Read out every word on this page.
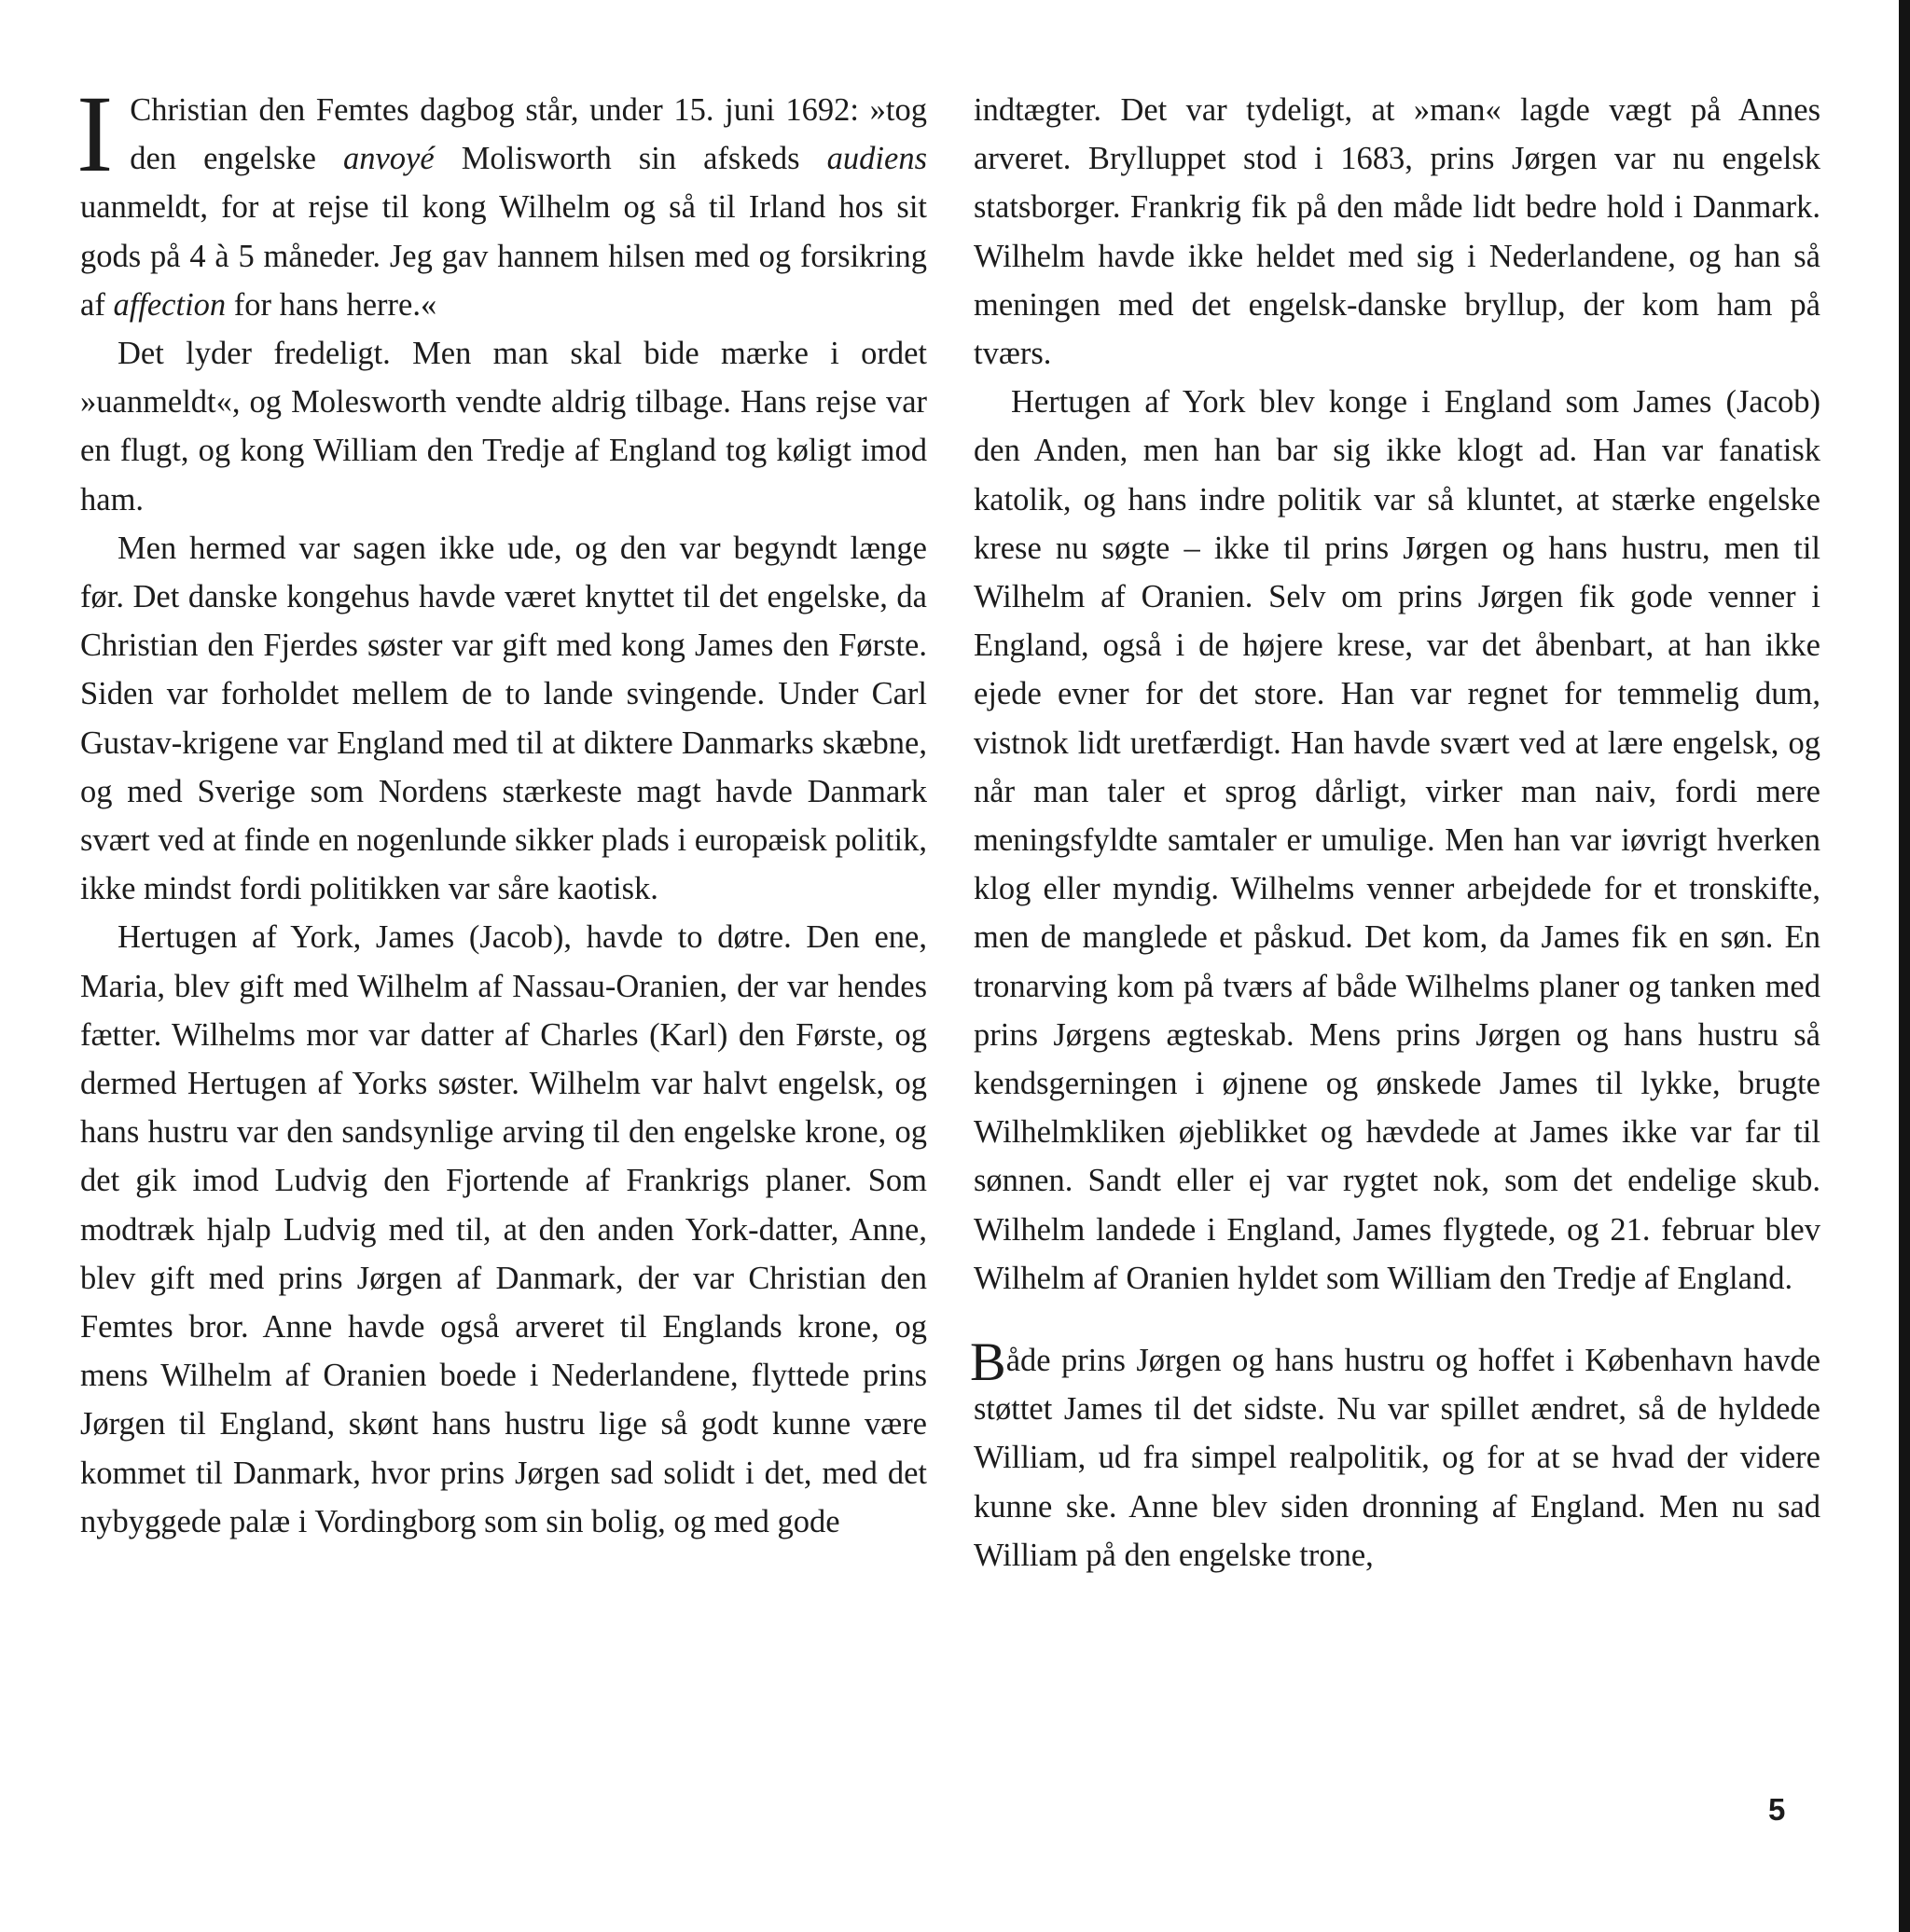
I Christian den Femtes dagbog står, under 15. juni 1692: »tog den engelske anvoyé Molisworth sin afskeds audiens uanmeldt, for at rejse til kong Wilhelm og så til Irland hos sit gods på 4 à 5 måneder. Jeg gav hannem hilsen med og forsikring af affection for hans herre.«

Det lyder fredeligt. Men man skal bide mærke i ordet »uanmeldt«, og Molesworth vendte aldrig tilbage. Hans rejse var en flugt, og kong William den Tredje af England tog køligt imod ham.

Men hermed var sagen ikke ude, og den var begyndt længe før. Det danske kongehus havde været knyttet til det engelske, da Christian den Fjerdes søster var gift med kong James den Første. Siden var forholdet mellem de to lande svingende. Under Carl Gustav-krigene var England med til at diktere Danmarks skæbne, og med Sverige som Nordens stærkeste magt havde Danmark svært ved at finde en nogenlunde sikker plads i europæisk politik, ikke mindst fordi politikken var såre kaotisk.

Hertugen af York, James (Jacob), havde to døtre. Den ene, Maria, blev gift med Wilhelm af Nassau-Oranien, der var hendes fætter. Wilhelms mor var datter af Charles (Karl) den Første, og dermed Hertugen af Yorks søster. Wilhelm var halvt engelsk, og hans hustru var den sandsynlige arving til den engelske krone, og det gik imod Ludvig den Fjortende af Frankrigs planer. Som modtræk hjalp Ludvig med til, at den anden York-datter, Anne, blev gift med prins Jørgen af Danmark, der var Christian den Femtes bror. Anne havde også arveret til Englands krone, og mens Wilhelm af Oranien boede i Nederlandene, flyttede prins Jørgen til England, skønt hans hustru lige så godt kunne være kommet til Danmark, hvor prins Jørgen sad solidt i det, med det nybyggede palæ i Vordingborg som sin bolig, og med gode

indtægter. Det var tydeligt, at »man« lagde vægt på Annes arveret. Brylluppet stod i 1683, prins Jørgen var nu engelsk statsborger. Frankrig fik på den måde lidt bedre hold i Danmark. Wilhelm havde ikke heldet med sig i Nederlandene, og han så meningen med det engelsk-danske bryllup, der kom ham på tværs.

Hertugen af York blev konge i England som James (Jacob) den Anden, men han bar sig ikke klogt ad. Han var fanatisk katolik, og hans indre politik var så kluntet, at stærke engelske krese nu søgte – ikke til prins Jørgen og hans hustru, men til Wilhelm af Oranien. Selv om prins Jørgen fik gode venner i England, også i de højere krese, var det åbenbart, at han ikke ejede evner for det store. Han var regnet for temmelig dum, vistnok lidt uretfærdigt. Han havde svært ved at lære engelsk, og når man taler et sprog dårligt, virker man naiv, fordi mere meningsfyldte samtaler er umulige. Men han var iøvrigt hverken klog eller myndig. Wilhelms venner arbejdede for et tronskifte, men de manglede et påskud. Det kom, da James fik en søn. En tronarving kom på tværs af både Wilhelms planer og tanken med prins Jørgens ægteskab. Mens prins Jørgen og hans hustru så kendsgerningen i øjnene og ønskede James til lykke, brugte Wilhelmkliken øjeblikket og hævdede at James ikke var far til sønnen. Sandt eller ej var rygtet nok, som det endelige skub. Wilhelm landede i England, James flygtede, og 21. februar blev Wilhelm af Oranien hyldet som William den Tredje af England.

Både prins Jørgen og hans hustru og hoffet i København havde støttet James til det sidste. Nu var spillet ændret, så de hyldede William, ud fra simpel realpolitik, og for at se hvad der videre kunne ske. Anne blev siden dronning af England. Men nu sad William på den engelske trone,

5
